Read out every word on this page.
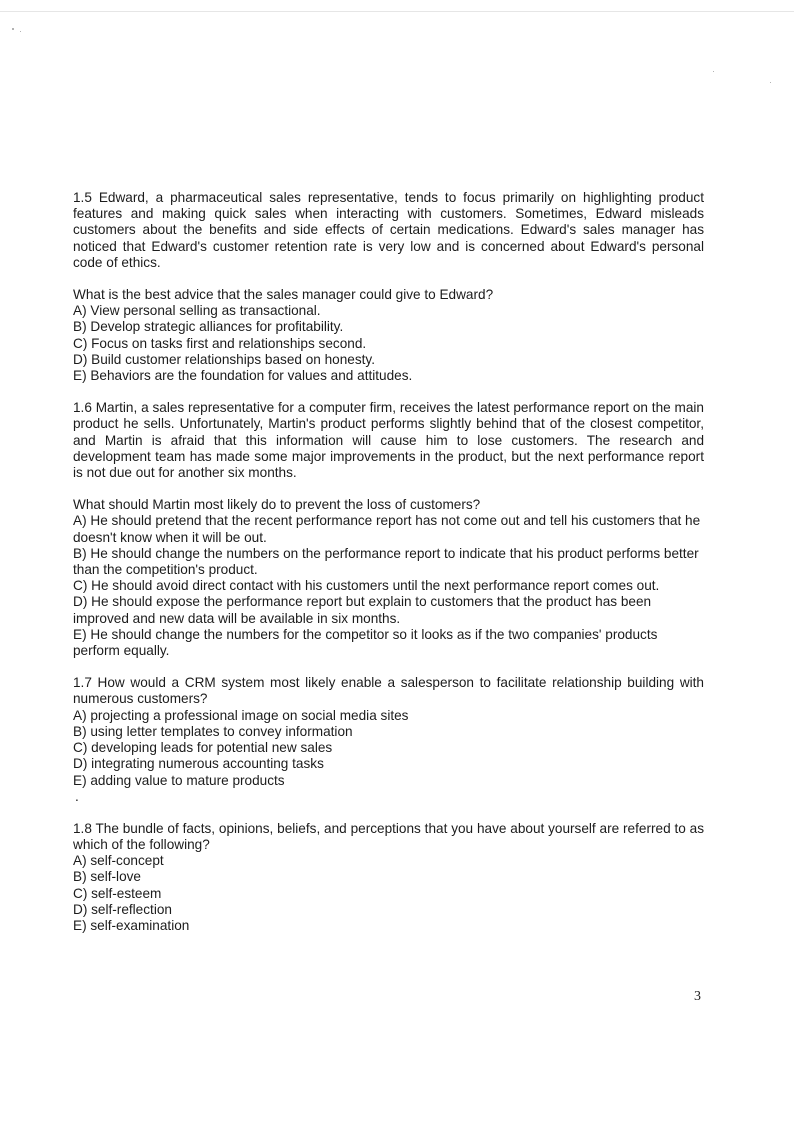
1.5 Edward, a pharmaceutical sales representative, tends to focus primarily on highlighting product features and making quick sales when interacting with customers. Sometimes, Edward misleads customers about the benefits and side effects of certain medications. Edward's sales manager has noticed that Edward's customer retention rate is very low and is concerned about Edward's personal code of ethics.

What is the best advice that the sales manager could give to Edward?

A) View personal selling as transactional.
B) Develop strategic alliances for profitability.
C) Focus on tasks first and relationships second.
D) Build customer relationships based on honesty.
E) Behaviors are the foundation for values and attitudes.

1.6 Martin, a sales representative for a computer firm, receives the latest performance report on the main product he sells. Unfortunately, Martin's product performs slightly behind that of the closest competitor, and Martin is afraid that this information will cause him to lose customers. The research and development team has made some major improvements in the product, but the next performance report is not due out for another six months.

What should Martin most likely do to prevent the loss of customers?

A) He should pretend that the recent performance report has not come out and tell his customers that he doesn't know when it will be out.
B) He should change the numbers on the performance report to indicate that his product performs better than the competition's product.
C) He should avoid direct contact with his customers until the next performance report comes out.
D) He should expose the performance report but explain to customers that the product has been improved and new data will be available in six months.
E) He should change the numbers for the competitor so it looks as if the two companies' products perform equally.

1.7 How would a CRM system most likely enable a salesperson to facilitate relationship building with numerous customers?

A) projecting a professional image on social media sites
B) using letter templates to convey information
C) developing leads for potential new sales
D) integrating numerous accounting tasks
E) adding value to mature products
.

1.8 The bundle of facts, opinions, beliefs, and perceptions that you have about yourself are referred to as which of the following?

A) self-concept
B) self-love
C) self-esteem
D) self-reflection
E) self-examination
3
